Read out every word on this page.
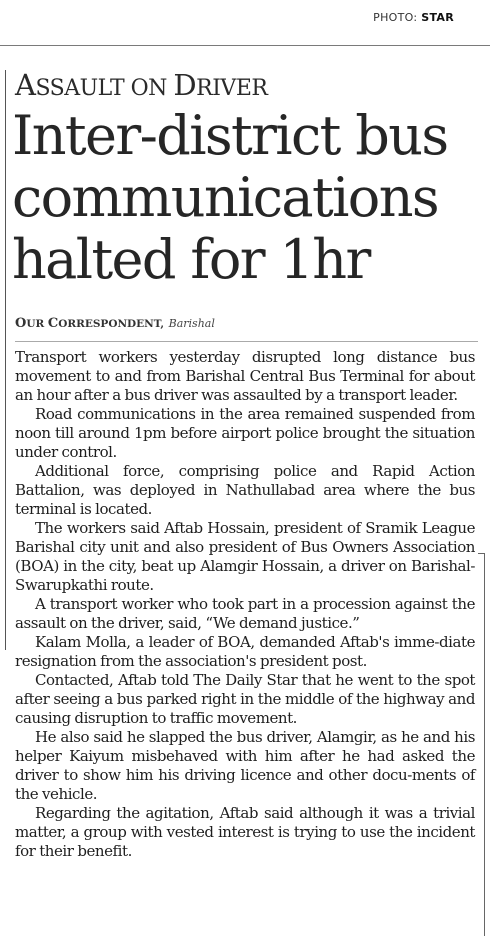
PHOTO: STAR
ASSAULT ON DRIVER
Inter-district bus communications halted for 1hr
OUR CORRESPONDENT, Barishal

Transport workers yesterday disrupted long distance bus movement to and from Barishal Central Bus Terminal for about an hour after a bus driver was assaulted by a transport leader.

Road communications in the area remained suspended from noon till around 1pm before airport police brought the situation under control.

Additional force, comprising police and Rapid Action Battalion, was deployed in Nathullabad area where the bus terminal is located.

The workers said Aftab Hossain, president of Sramik League Barishal city unit and also president of Bus Owners Association (BOA) in the city, beat up Alamgir Hossain, a driver on Barishal-Swarupkathi route.

A transport worker who took part in a procession against the assault on the driver, said, “We demand justice.”

Kalam Molla, a leader of BOA, demanded Aftab's imme-diate resignation from the association's president post.

Contacted, Aftab told The Daily Star that he went to the spot after seeing a bus parked right in the middle of the highway and causing disruption to traffic movement.

He also said he slapped the bus driver, Alamgir, as he and his helper Kaiyum misbehaved with him after he had asked the driver to show him his driving licence and other docu-ments of the vehicle.

Regarding the agitation, Aftab said although it was a trivial matter, a group with vested interest is trying to use the incident for their benefit.
